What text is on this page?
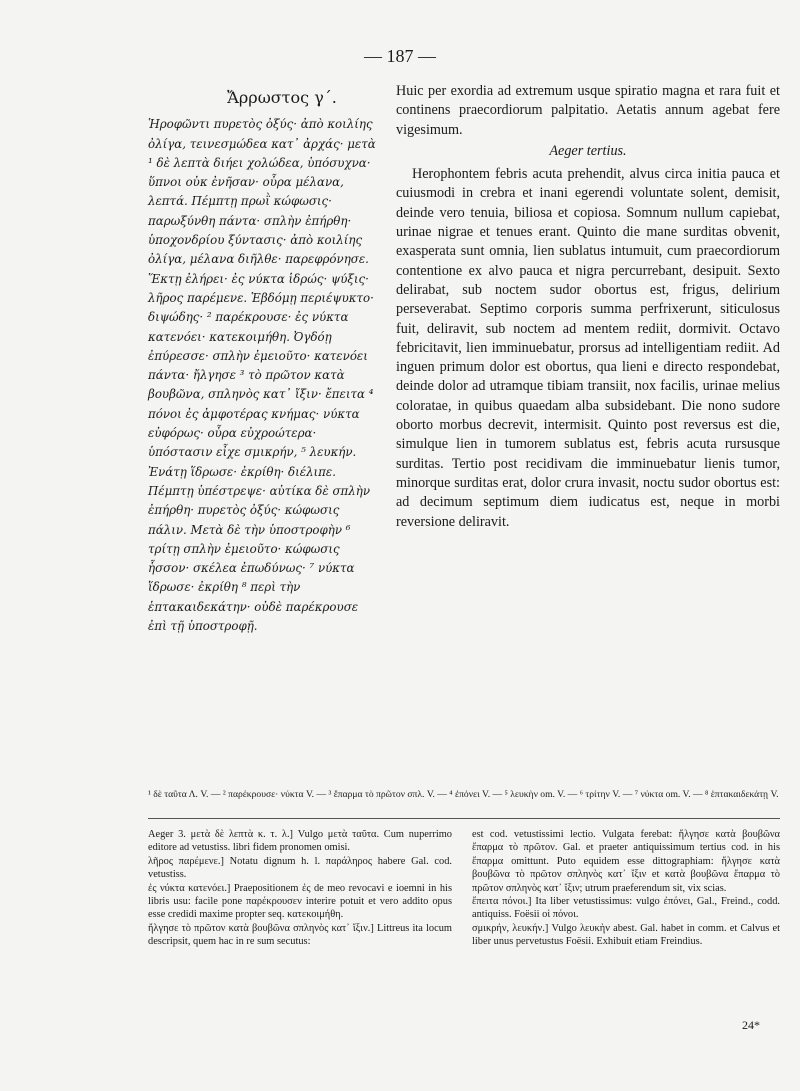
— 187 —
Ἄρρωστος γ΄.

Ἡροφῶντι πυρετὸς ὀξύς· ἀπὸ κοιλίης ὀλίγα, τεινεσμώδεα κατ᾽ ἀρχάς· μετὰ ¹ δὲ λεπτὰ διήει χολώδεα, ὑπόσυχνα· ὕπνοι οὐκ ἐνῆσαν· οὖρα μέλανα, λεπτά. Πέμπτῃ πρωῒ κώφωσις· παρωξύνθη πάντα· σπλὴν ἐπήρθη· ὑποχονδρίου ξύντασις· ἀπὸ κοιλίης ὀλίγα, μέλανα διῆλθε· παρεφρόνησε. Ἕκτῃ ἐλήρει· ἐς νύκτα ἱδρώς· ψύξις· λῆρος παρέμενε. Ἑβδόμῃ περιέψυκτο· διψώδης· ² παρέκρουσε· ἐς νύκτα κατενόει· κατεκοιμήθη. Ὀγδόῃ ἐπύρεσσε· σπλὴν ἐμειοῦτο· κατενόει πάντα· ἤλγησε ³ τὸ πρῶτον κατὰ βουβῶνα, σπληνὸς κατ᾽ ἴξιν· ἔπειτα ⁴ πόνοι ἐς ἀμφοτέρας κνήμας· νύκτα εὐφόρως· οὖρα εὐχροώτερα· ὑπόστασιν εἶχε σμικρήν, ⁵ λευκήν. Ἐνάτῃ ἵδρωσε· ἐκρίθη· διέλιπε. Πέμπτῃ ὑπέστρεψε· αὐτίκα δὲ σπλὴν ἐπήρθη· πυρετὸς ὀξύς· κώφωσις πάλιν. Μετὰ δὲ τὴν ὑποστροφὴν ⁶ τρίτῃ σπλὴν ἐμειοῦτο· κώφωσις ἧσσον· σκέλεα ἐπωδύνως· ⁷ νύκτα ἵδρωσε· ἐκρίθη ⁸ περὶ τὴν ἑπτακαιδεκάτην· οὐδὲ παρέκρουσε ἐπὶ τῇ ὑποστροφῇ.

Huic per exordia ad extremum usque spiratio magna et rara fuit et continens praecordiorum palpitatio. Aetatis annum agebat fere vigesimum.

Aeger tertius.

Herophontem febris acuta prehendit, alvus circa initia pauca et cuiusmodi in crebra et inani egerendi voluntate solent, demisit, deinde vero tenuia, biliosa et copiosa. Somnum nullum capiebat, urinae nigrae et tenues erant. Quinto die mane surditas obvenit, exasperata sunt omnia, lien sublatus intumuit, cum praecordiorum contentione ex alvo pauca et nigra percurrebant, desipuit. Sexto delirabat, sub noctem sudor obortus est, frigus, delirium perseverabat. Septimo corporis summa perfrixerunt, siticulosus fuit, deliravit, sub noctem ad mentem rediit, dormivit. Octavo febricitavit, lien imminuebatur, prorsus ad intelligentiam rediit. Ad inguen primum dolor est obortus, qua lieni e directo respondebat, deinde dolor ad utramque tibiam transiit, nox facilis, urinae melius coloratae, in quibus quaedam alba subsidebant. Die nono sudore oborto morbus decrevit, intermisit. Quinto post reversus est die, simulque lien in tumorem sublatus est, febris acuta rursusque surditas. Tertio post recidivam die imminuebatur lienis tumor, minorque surditas erat, dolor crura invasit, noctu sudor obortus est: ad decimum septimum diem iudicatus est, neque in morbi reversione deliravit.

¹ δὲ ταῦτα Λ. V. — ² παρέκρουσε· νύκτα V. — ³ ἔπαρμα τὸ πρῶτον σπλ. V. — ⁴ ἐπόνει V. — ⁵ λευκὴν om. V. — ⁶ τρίτην V. — ⁷ νύκτα om. V. — ⁸ ἑπτακαιδεκάτῃ V.

Aeger 3. μετὰ δὲ λεπτὰ κ. τ. λ.] Vulgo μετὰ ταῦτα. Cum nuperrimo editore ad vetustiss. libri fidem pronomen omisi.

λῆρος παρέμενε.] Notatu dignum h. l. παράληρος habere Gal. cod. vetustiss.

ἐς νύκτα κατενόει.] Praepositionem ἐς de meo revocavi e ioemni in his libris usu: facile pone παρέκρουσεν interire potuit et vero addito opus esse credidi maxime propter seq. κατεκοιμήθη.

ἤλγησε τὸ πρῶτον κατὰ βουβῶνα σπληνὸς κατ᾽ ἴξιν.] Littreus ita locum descripsit, quem hac in re sum secutus:

est cod. vetustissimi lectio. Vulgata ferebat: ἤλγησε κατὰ βουβῶνα ἔπαρμα τὸ πρῶτον. Gal. et praeter antiquissimum tertius cod. in his ἔπαρμα omittunt. Puto equidem esse dittographiam: ἤλγησε κατὰ βουβῶνα τὸ πρῶτον σπληνὸς κατ᾽ ἴξιν et κατὰ βουβῶνα ἔπαρμα τὸ πρῶτον σπληνὸς κατ᾽ ἴξιν; utrum praeferendum sit, vix scias.

ἔπειτα πόνοι.] Ita liber vetustissimus: vulgo ἐπόνει, Gal., Freind., codd. antiquiss. Foësii οἱ πόνοι.

σμικρήν, λευκήν.] Vulgo λευκὴν abest. Gal. habet in comm. et Calvus et liber unus pervetustus Foësii. Exhibuit etiam Freindius.

24*
